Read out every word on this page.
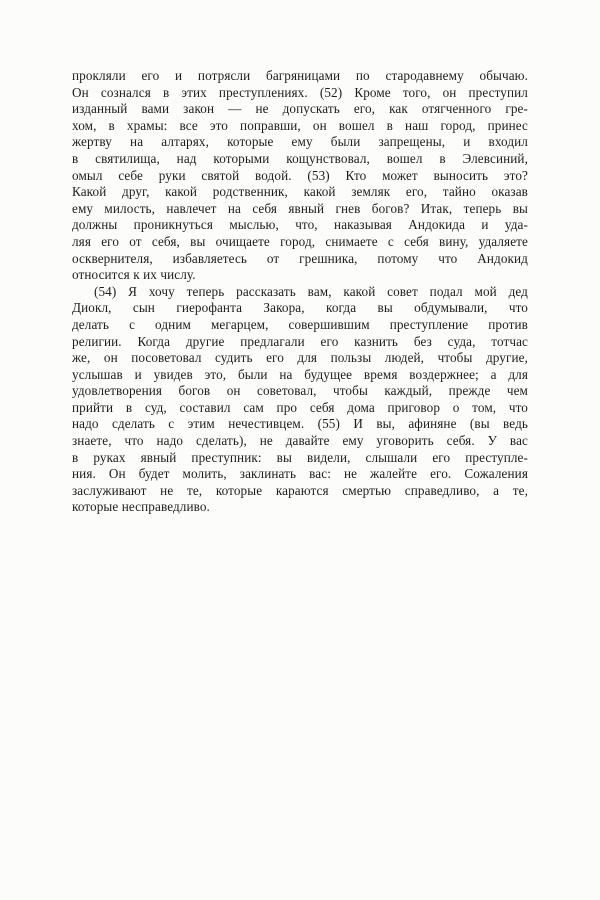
прокляли его и потрясли багряницами по стародавнему обычаю.
Он сознался в этих преступлениях. (52) Кроме того, он преступил
изданный вами закон — не допускать его, как отягченного гре-
хом, в храмы: все это поправши, он вошел в наш город, принес
жертву на алтарях, которые ему были запрещены, и входил
в святилища, над которыми кощунствовал, вошел в Элевсиний,
омыл себе руки святой водой. (53) Кто может выносить это?
Какой друг, какой родственник, какой земляк его, тайно оказав
ему милость, навлечет на себя явный гнев богов? Итак, теперь вы
должны проникнуться мыслью, что, наказывая Андокида и уда-
ляя его от себя, вы очищаете город, снимаете с себя вину, удаляете
осквернителя, избавляетесь от грешника, потому что Андокид
относится к их числу.

(54) Я хочу теперь рассказать вам, какой совет подал мой дед
Диокл, сын гиерофанта Закора, когда вы обдумывали, что
делать с одним мегарцем, совершившим преступление против
религии. Когда другие предлагали его казнить без суда, тотчас
же, он посоветовал судить его для пользы людей, чтобы другие,
услышав и увидев это, были на будущее время воздержнее; а для
удовлетворения богов он советовал, чтобы каждый, прежде чем
прийти в суд, составил сам про себя дома приговор о том, что
надо сделать с этим нечестивцем. (55) И вы, афиняне (вы ведь
знаете, что надо сделать), не давайте ему уговорить себя. У вас
в руках явный преступник: вы видели, слышали его преступле-
ния. Он будет молить, заклинать вас: не жалейте его. Сожаления
заслуживают не те, которые караются смертью справедливо, а те,
которые несправедливо.
